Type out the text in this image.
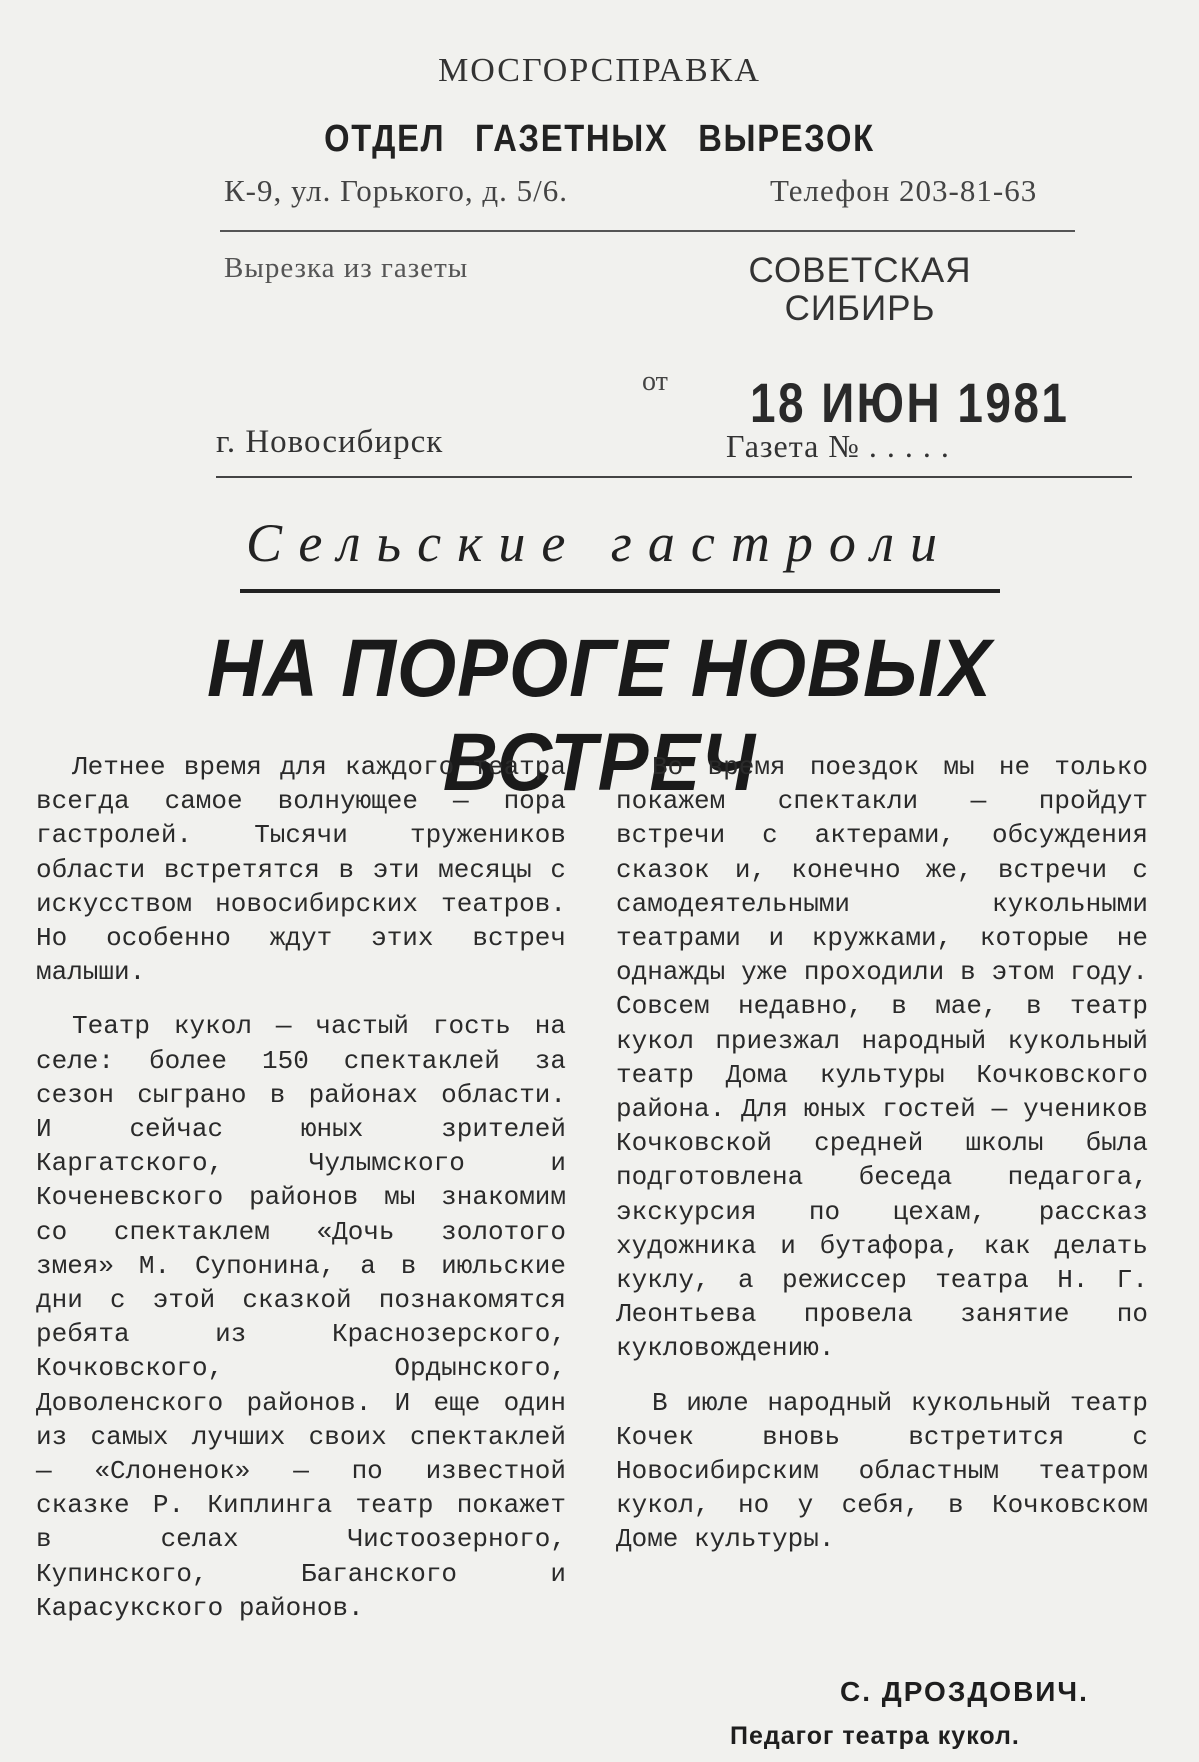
МОСГОРСПРАВКА
ОТДЕЛ ГАЗЕТНЫХ ВЫРЕЗОК
К-9, ул. Горького, д. 5/6.	Телефон 203-81-63
Вырезка из газеты	СОВЕТСКАЯ СИБИРЬ
от 18 ИЮН 1981
г. Новосибирск	Газета № . . . . .
Сельские гастроли
НА ПОРОГЕ НОВЫХ ВСТРЕЧ

Летнее время для каждого театра всегда самое волнующее — пора гастролей. Тысячи тружеников области встретятся в эти месяцы с искусством новосибирских театров. Но особенно ждут этих встреч малыши.

Театр кукол — частый гость на селе: более 150 спектаклей за сезон сыграно в районах области. И сейчас юных зрителей Каргатского, Чулымского и Коченевского районов мы знакомим со спектаклем «Дочь золотого змея» М. Супонина, а в июльские дни с этой сказкой познакомятся ребята из Краснозерского, Кочковского, Ордынского, Доволенского районов. И еще один из самых лучших своих спектаклей — «Слоненок» — по известной сказке Р. Киплинга театр покажет в селах Чистоозерного, Купинского, Баганского и Карасукского районов.

Во время поездок мы не только покажем спектакли — пройдут встречи с актерами, обсуждения сказок и, конечно же, встречи с самодеятельными кукольными театрами и кружками, которые не однажды уже проходили в этом году. Совсем недавно, в мае, в театр кукол приезжал народный кукольный театр Дома культуры Кочковского района. Для юных гостей — учеников Кочковской средней школы была подготовлена беседа педагога, экскурсия по цехам, рассказ художника и бутафора, как делать куклу, а режиссер театра Н. Г. Леонтьева провела занятие по кукловождению.

В июле народный кукольный театр Кочек вновь встретится с Новосибирским областным театром кукол, но у себя, в Кочковском Доме культуры.

С. ДРОЗДОВИЧ.
Педагог театра кукол.
